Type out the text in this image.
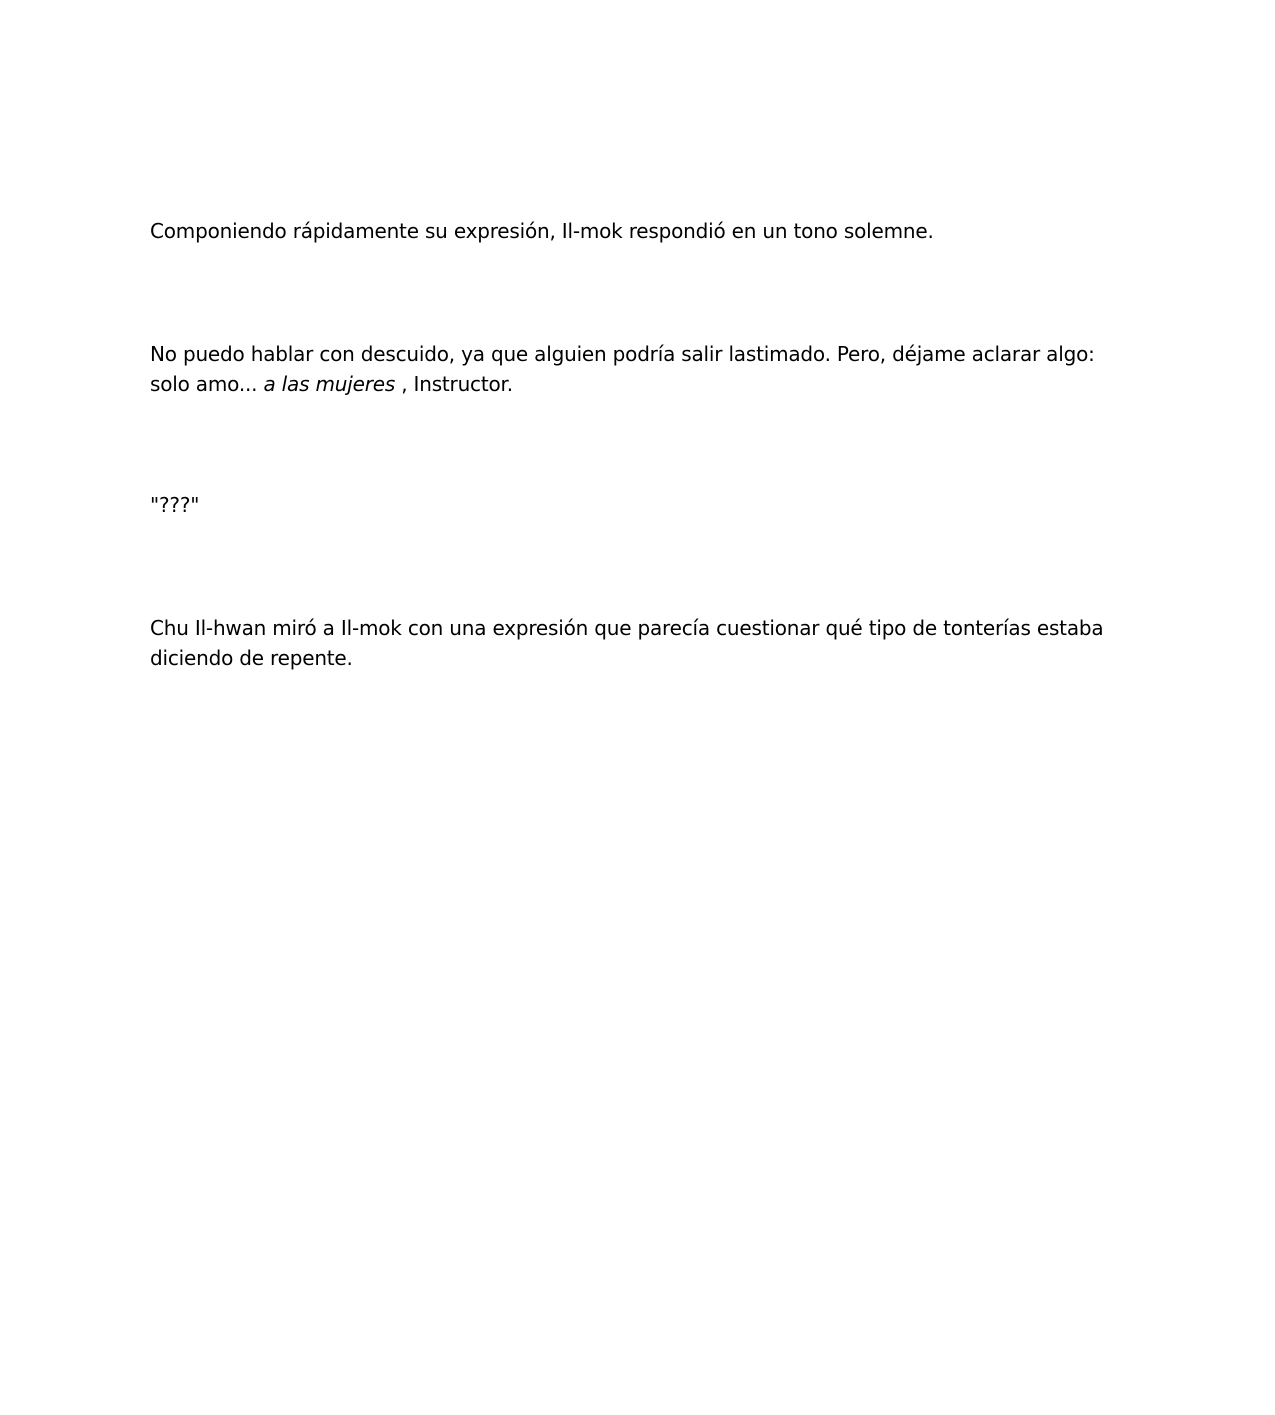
Componiendo rápidamente su expresión, Il-mok respondió en un tono solemne.

No puedo hablar con descuido, ya que alguien podría salir lastimado. Pero, déjame aclarar algo: solo amo... a las mujeres , Instructor.

"???"

Chu Il-hwan miró a Il-mok con una expresión que parecía cuestionar qué tipo de tonterías estaba diciendo de repente.
